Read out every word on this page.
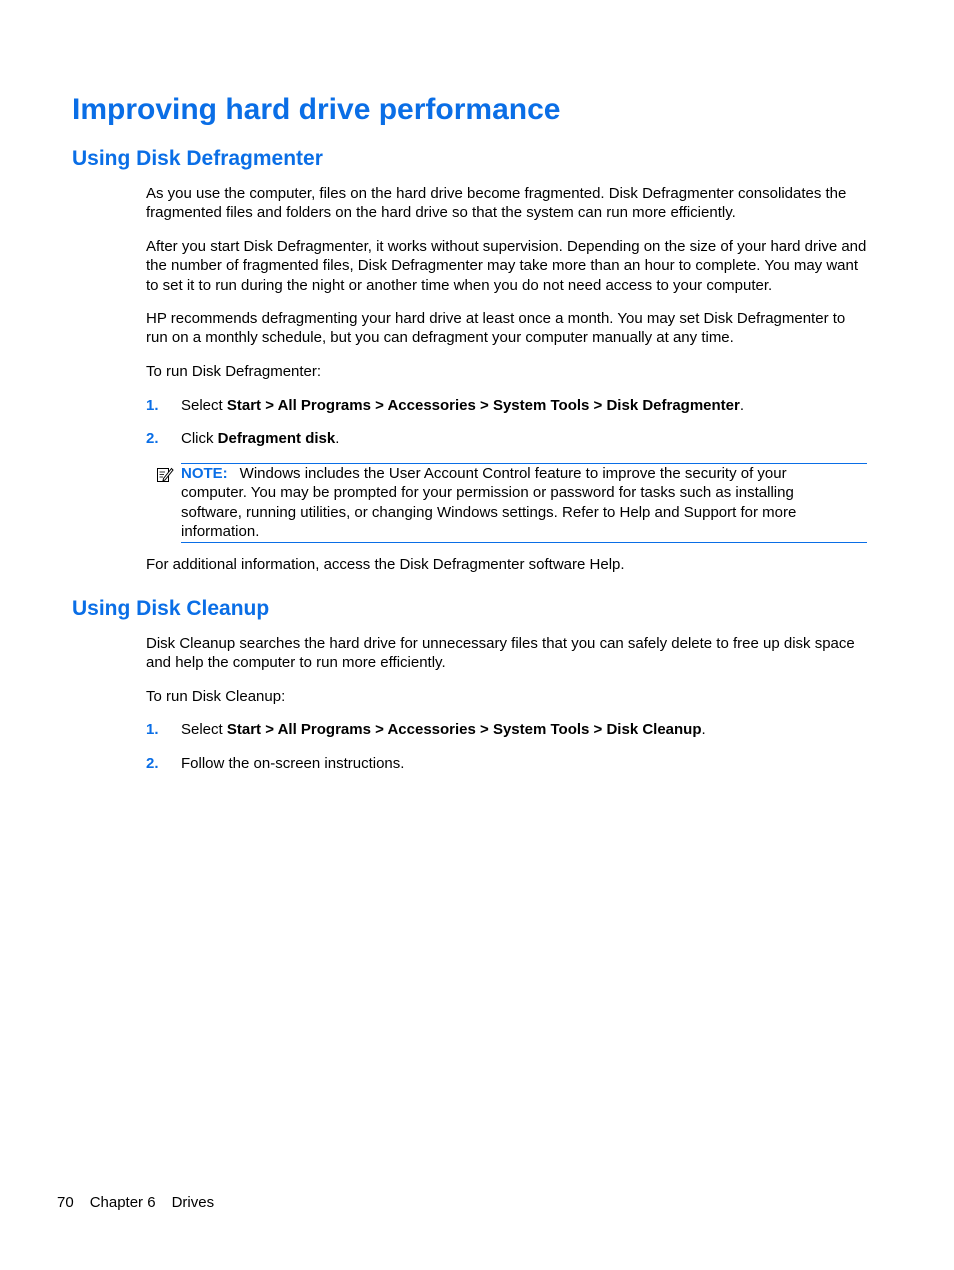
Improving hard drive performance
Using Disk Defragmenter

As you use the computer, files on the hard drive become fragmented. Disk Defragmenter consolidates the fragmented files and folders on the hard drive so that the system can run more efficiently.

After you start Disk Defragmenter, it works without supervision. Depending on the size of your hard drive and the number of fragmented files, Disk Defragmenter may take more than an hour to complete. You may want to set it to run during the night or another time when you do not need access to your computer.

HP recommends defragmenting your hard drive at least once a month. You may set Disk Defragmenter to run on a monthly schedule, but you can defragment your computer manually at any time.

To run Disk Defragmenter:

1. Select Start > All Programs > Accessories > System Tools > Disk Defragmenter.
2. Click Defragment disk.

NOTE: Windows includes the User Account Control feature to improve the security of your computer. You may be prompted for your permission or password for tasks such as installing software, running utilities, or changing Windows settings. Refer to Help and Support for more information.

For additional information, access the Disk Defragmenter software Help.

Using Disk Cleanup

Disk Cleanup searches the hard drive for unnecessary files that you can safely delete to free up disk space and help the computer to run more efficiently.

To run Disk Cleanup:

1. Select Start > All Programs > Accessories > System Tools > Disk Cleanup.
2. Follow the on-screen instructions.
70 Chapter 6 Drives
